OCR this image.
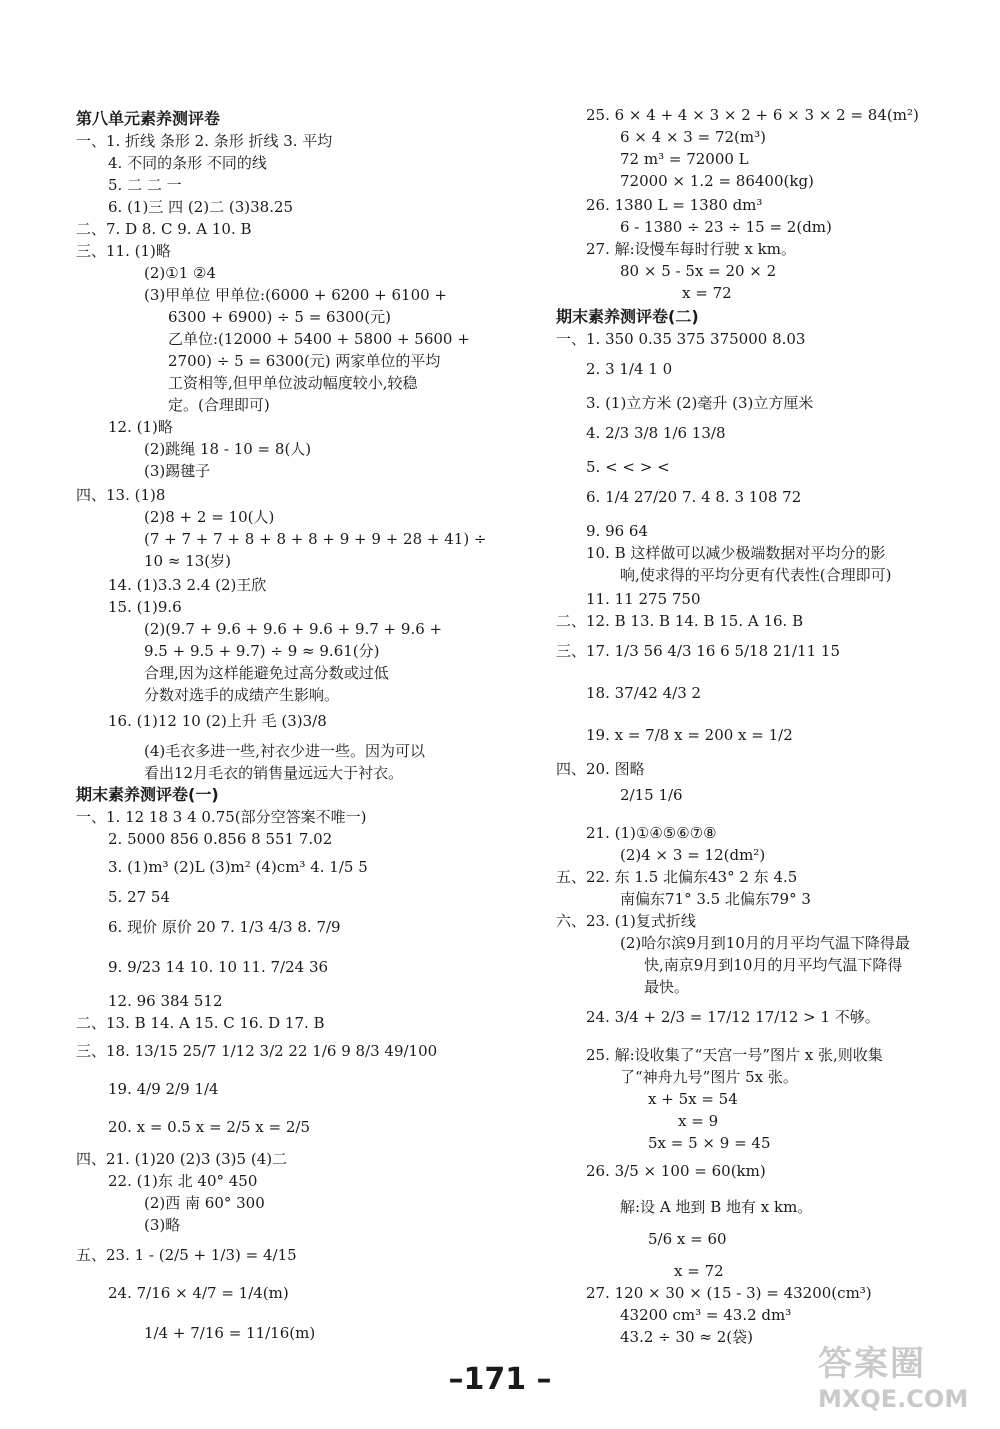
第八单元素养测评卷
一、1. 折线 条形 2. 条形 折线 3. 平均
4. 不同的条形 不同的线
5. 二 二 一
6. (1)三 四 (2)二 (3)38.25
二、7. D 8. C 9. A 10. B
三、11. (1)略
(2)①1 ②4
(3)甲单位 甲单位:(6000 + 6200 + 6100 +
6300 + 6900) ÷ 5 = 6300(元)
乙单位:(12000 + 5400 + 5800 + 5600 +
2700) ÷ 5 = 6300(元) 两家单位的平均
工资相等,但甲单位波动幅度较小,较稳
定。(合理即可)
12. (1)略
(2)跳绳 18 - 10 = 8(人)
(3)踢毽子
四、13. (1)8
(2)8 + 2 = 10(人)
(7 + 7 + 7 + 8 + 8 + 8 + 9 + 9 + 28 + 41) ÷
10 ≈ 13(岁)
14. (1)3.3 2.4 (2)王欣
15. (1)9.6
(2)(9.7 + 9.6 + 9.6 + 9.6 + 9.7 + 9.6 +
9.5 + 9.5 + 9.7) ÷ 9 ≈ 9.61(分)
合理,因为这样能避免过高分数或过低
分数对选手的成绩产生影响。
16. (1)12 10 (2)上升 毛 (3)3/8
(4)毛衣多进一些,衬衣少进一些。因为可以
看出12月毛衣的销售量远远大于衬衣。
期末素养测评卷(一)
一、1. 12 18 3 4 0.75(部分空答案不唯一)
2. 5000 856 0.856 8 551 7.02
3. (1)m³ (2)L (3)m² (4)cm³ 4. 1/5 5
5. 27 54
6. 现价 原价 20 7. 1/3 4/3 8. 7/9
9. 9/23 14 10. 10 11. 7/24 36
12. 96 384 512
二、13. B 14. A 15. C 16. D 17. B
三、18. 13/15 25/7 1/12 3/2 22 1/6 9 8/3 49/100
19. 4/9 2/9 1/4
20. x = 0.5 x = 2/5 x = 2/5
四、21. (1)20 (2)3 (3)5 (4)二
22. (1)东 北 40° 450
(2)西 南 60° 300
(3)略
五、23. 1 - (2/5 + 1/3) = 4/15
24. 7/16 × 4/7 = 1/4(m)
1/4 + 7/16 = 11/16(m)
25. 6 × 4 + 4 × 3 × 2 + 6 × 3 × 2 = 84(m²)
6 × 4 × 3 = 72(m³)
72 m³ = 72000 L
72000 × 1.2 = 86400(kg)
26. 1380 L = 1380 dm³
6 - 1380 ÷ 23 ÷ 15 = 2(dm)
27. 解:设慢车每时行驶 x km。
80 × 5 - 5x = 20 × 2
x = 72
期末素养测评卷(二)
一、1. 350 0.35 375 375000 8.03
2. 3 1/4 1 0
3. (1)立方米 (2)毫升 (3)立方厘米
4. 2/3 3/8 1/6 13/8
5. < < > <
6. 1/4 27/20 7. 4 8. 3 108 72
9. 96 64
10. B 这样做可以减少极端数据对平均分的影
响,使求得的平均分更有代表性(合理即可)
11. 11 275 750
二、12. B 13. B 14. B 15. A 16. B
三、17. 1/3 56 4/3 16 6 5/18 21/11 15
18. 37/42 4/3 2
19. x = 7/8 x = 200 x = 1/2
四、20. 图略
2/15 1/6
21. (1)①④⑤⑥⑦⑧
(2)4 × 3 = 12(dm²)
五、22. 东 1.5 北偏东43° 2 东 4.5
南偏东71° 3.5 北偏东79° 3
六、23. (1)复式折线
(2)哈尔滨9月到10月的月平均气温下降得最
快,南京9月到10月的月平均气温下降得
最快。
24. 3/4 + 2/3 = 17/12 17/12 > 1 不够。
25. 解:设收集了“天宫一号”图片 x 张,则收集
了“神舟九号”图片 5x 张。
x + 5x = 54
x = 9
5x = 5 × 9 = 45
26. 3/5 × 100 = 60(km)
解:设 A 地到 B 地有 x km。
5/6 x = 60
x = 72
27. 120 × 30 × (15 - 3) = 43200(cm³)
43200 cm³ = 43.2 dm³
43.2 ÷ 30 ≈ 2(袋)
–171 –	答案圈
MXQE.COM
